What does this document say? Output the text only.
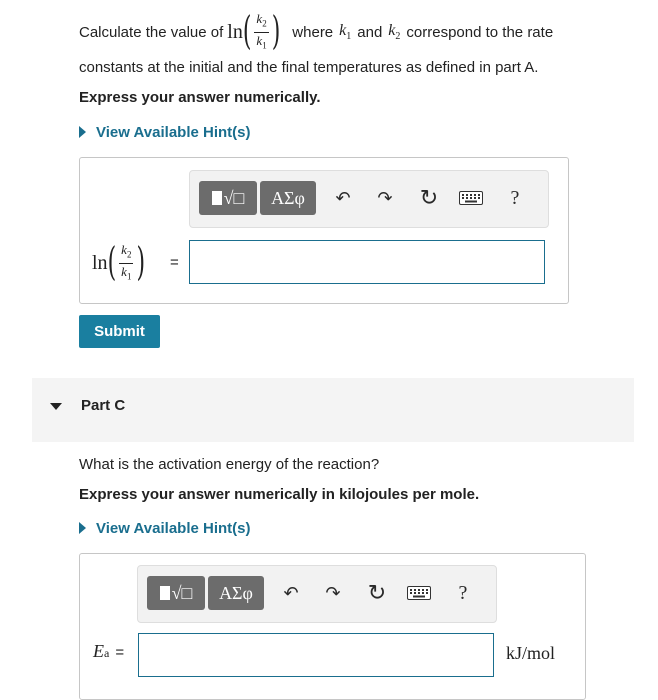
Calculate the value of ln ( $\frac{k_2}{k_1}$ ) where $k_1$ and $k_2$ correspond to the rate
constants at the initial and the final temperatures as defined in part A.
Express your answer numerically.
View Available Hint(s)
√□	ΑΣφ	↶	↷	↻	?
ln ( $\frac{k_2}{k_1}$ ) =
Submit
Part C
What is the activation energy of the reaction?
Express your answer numerically in kilojoules per mole.
View Available Hint(s)
√□	ΑΣφ	↶	↷	↻	?
E a =	kJ/mol
